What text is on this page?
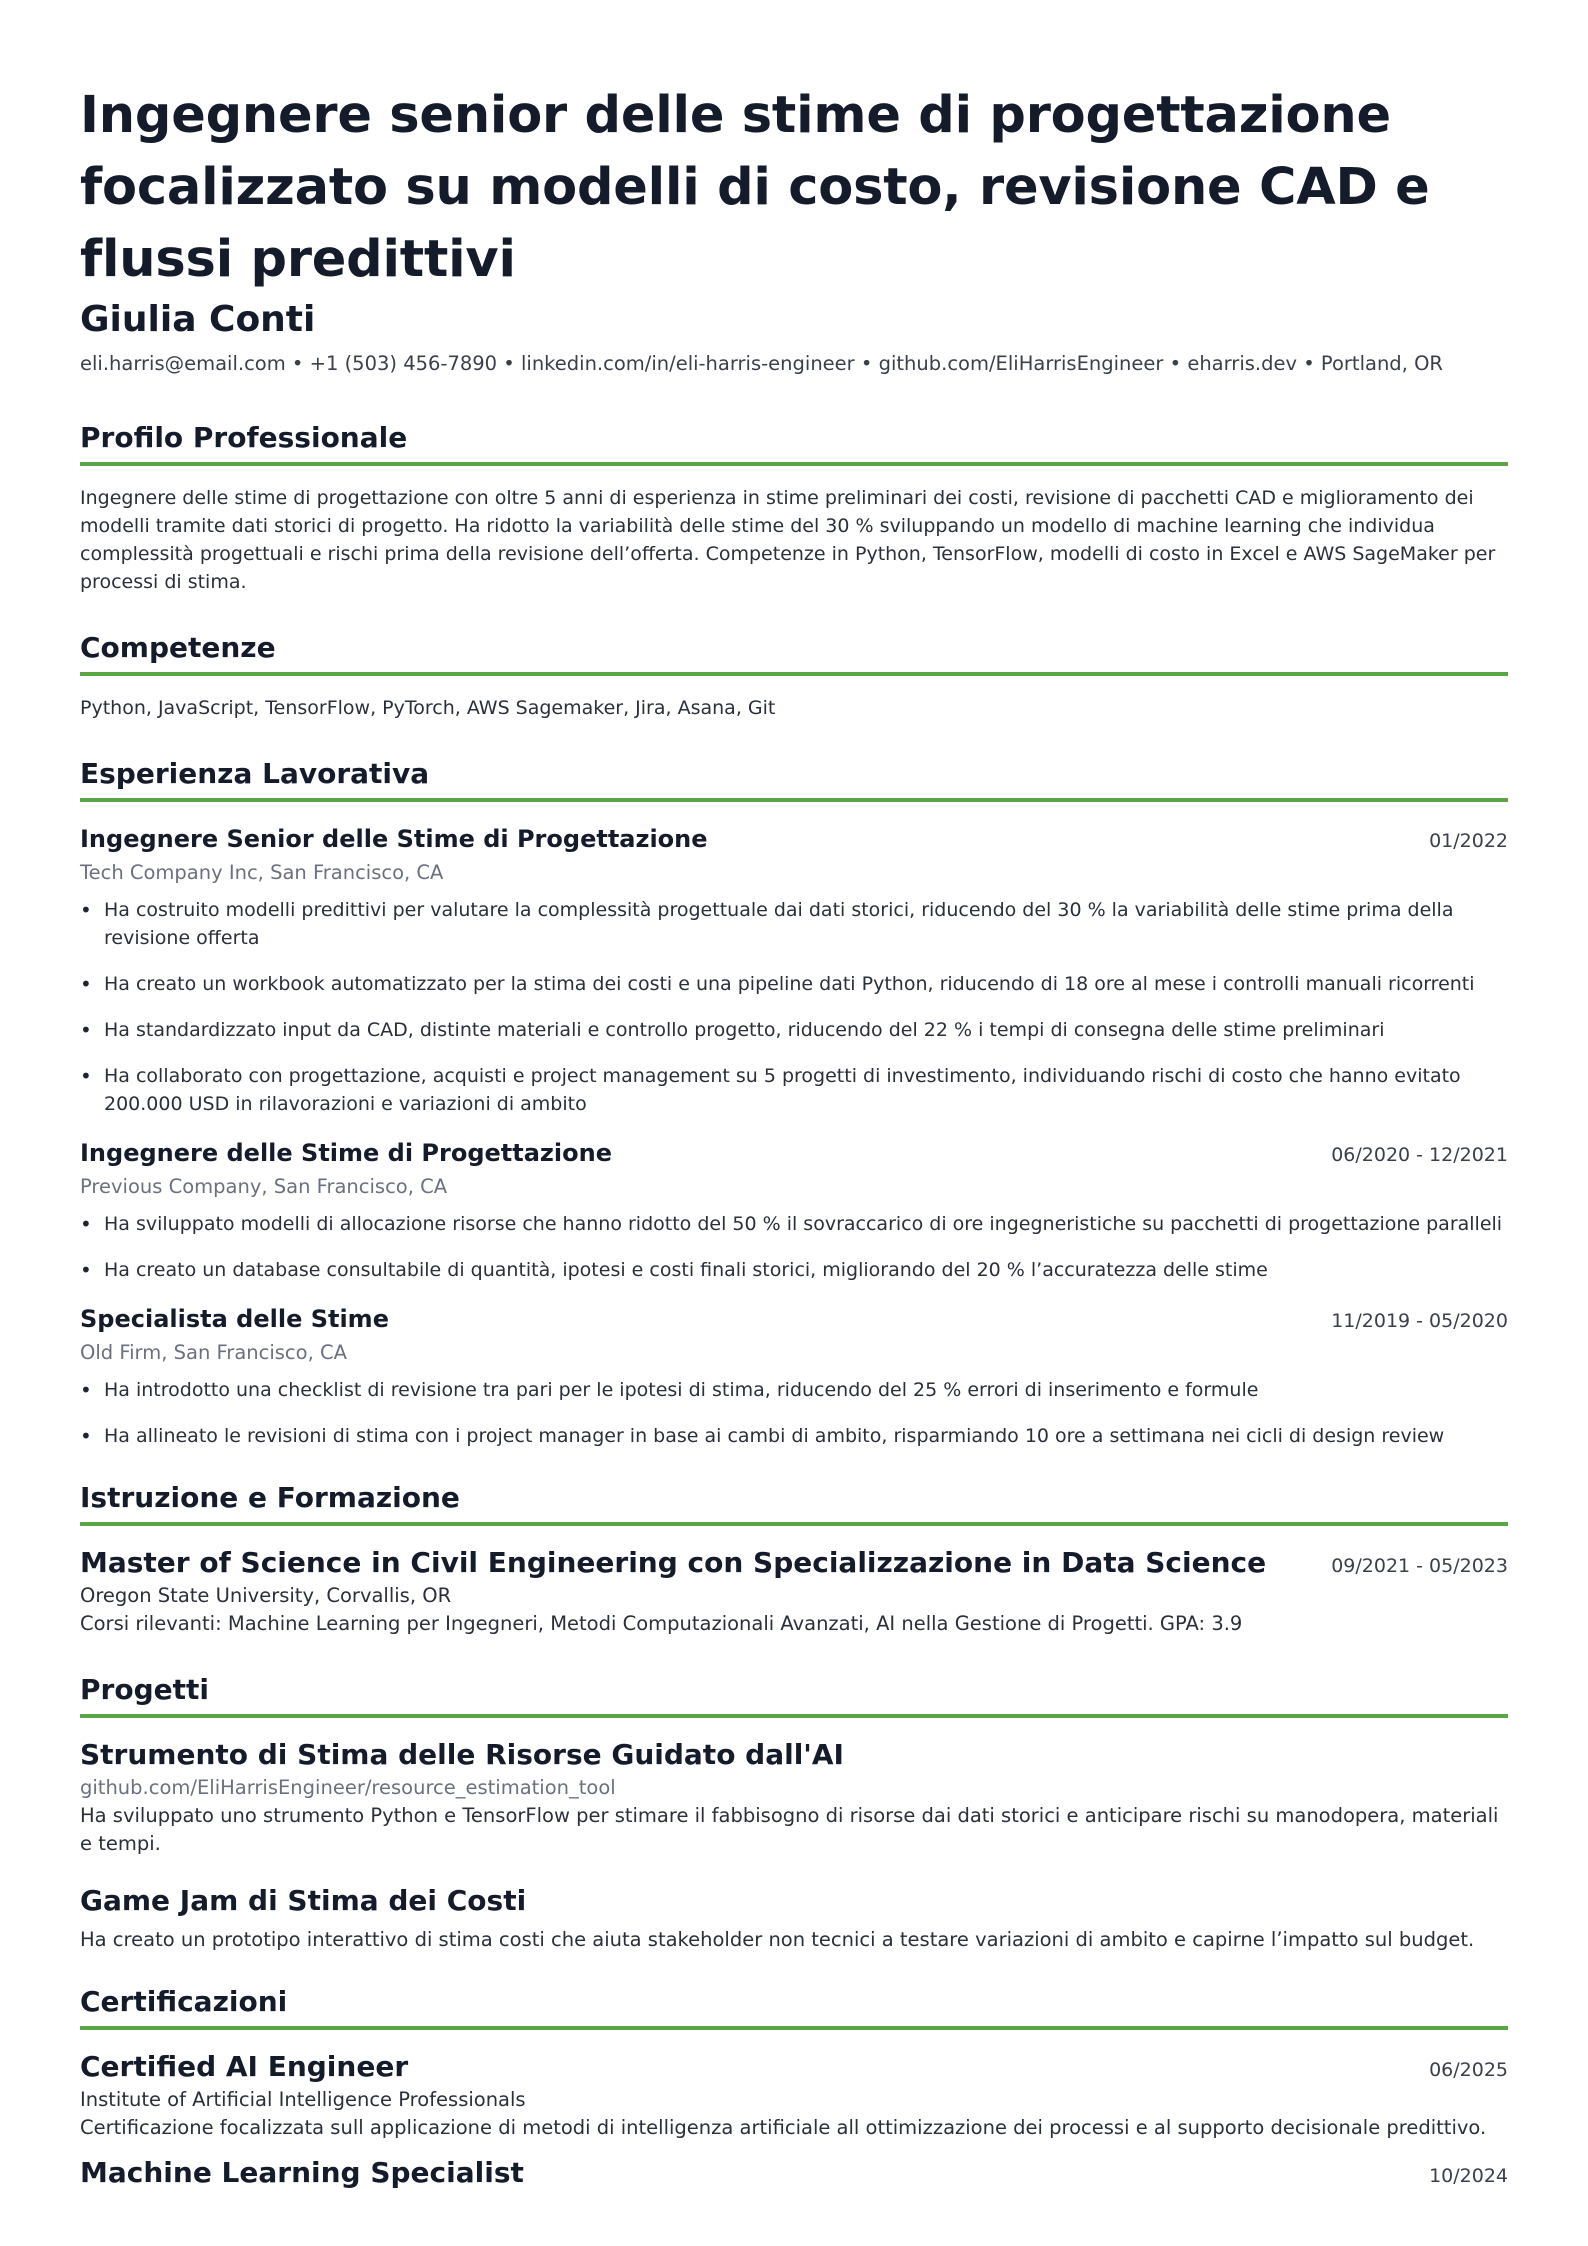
Ingegnere senior delle stime di progettazione focalizzato su modelli di costo, revisione CAD e flussi predittivi
Giulia Conti
eli.harris@email.com • +1 (503) 456-7890 • linkedin.com/in/eli-harris-engineer • github.com/EliHarrisEngineer • eharris.dev • Portland, OR
Profilo Professionale
Ingegnere delle stime di progettazione con oltre 5 anni di esperienza in stime preliminari dei costi, revisione di pacchetti CAD e miglioramento dei modelli tramite dati storici di progetto. Ha ridotto la variabilità delle stime del 30 % sviluppando un modello di machine learning che individua complessità progettuali e rischi prima della revisione dell’offerta. Competenze in Python, TensorFlow, modelli di costo in Excel e AWS SageMaker per processi di stima.
Competenze
Python, JavaScript, TensorFlow, PyTorch, AWS Sagemaker, Jira, Asana, Git
Esperienza Lavorativa
Ingegnere Senior delle Stime di Progettazione	01/2022
Tech Company Inc, San Francisco, CA
• Ha costruito modelli predittivi per valutare la complessità progettuale dai dati storici, riducendo del 30 % la variabilità delle stime prima della revisione offerta
• Ha creato un workbook automatizzato per la stima dei costi e una pipeline dati Python, riducendo di 18 ore al mese i controlli manuali ricorrenti
• Ha standardizzato input da CAD, distinte materiali e controllo progetto, riducendo del 22 % i tempi di consegna delle stime preliminari
• Ha collaborato con progettazione, acquisti e project management su 5 progetti di investimento, individuando rischi di costo che hanno evitato 200.000 USD in rilavorazioni e variazioni di ambito
Ingegnere delle Stime di Progettazione	06/2020 - 12/2021
Previous Company, San Francisco, CA
• Ha sviluppato modelli di allocazione risorse che hanno ridotto del 50 % il sovraccarico di ore ingegneristiche su pacchetti di progettazione paralleli
• Ha creato un database consultabile di quantità, ipotesi e costi finali storici, migliorando del 20 % l’accuratezza delle stime
Specialista delle Stime	11/2019 - 05/2020
Old Firm, San Francisco, CA
• Ha introdotto una checklist di revisione tra pari per le ipotesi di stima, riducendo del 25 % errori di inserimento e formule
• Ha allineato le revisioni di stima con i project manager in base ai cambi di ambito, risparmiando 10 ore a settimana nei cicli di design review
Istruzione e Formazione
Master of Science in Civil Engineering con Specializzazione in Data Science	09/2021 - 05/2023
Oregon State University, Corvallis, OR
Corsi rilevanti: Machine Learning per Ingegneri, Metodi Computazionali Avanzati, AI nella Gestione di Progetti. GPA: 3.9
Progetti
Strumento di Stima delle Risorse Guidato dall'AI
github.com/EliHarrisEngineer/resource_estimation_tool
Ha sviluppato uno strumento Python e TensorFlow per stimare il fabbisogno di risorse dai dati storici e anticipare rischi su manodopera, materiali e tempi.
Game Jam di Stima dei Costi
Ha creato un prototipo interattivo di stima costi che aiuta stakeholder non tecnici a testare variazioni di ambito e capirne l’impatto sul budget.
Certificazioni
Certified AI Engineer	06/2025
Institute of Artificial Intelligence Professionals
Certificazione focalizzata sull applicazione di metodi di intelligenza artificiale all ottimizzazione dei processi e al supporto decisionale predittivo.
Machine Learning Specialist	10/2024
